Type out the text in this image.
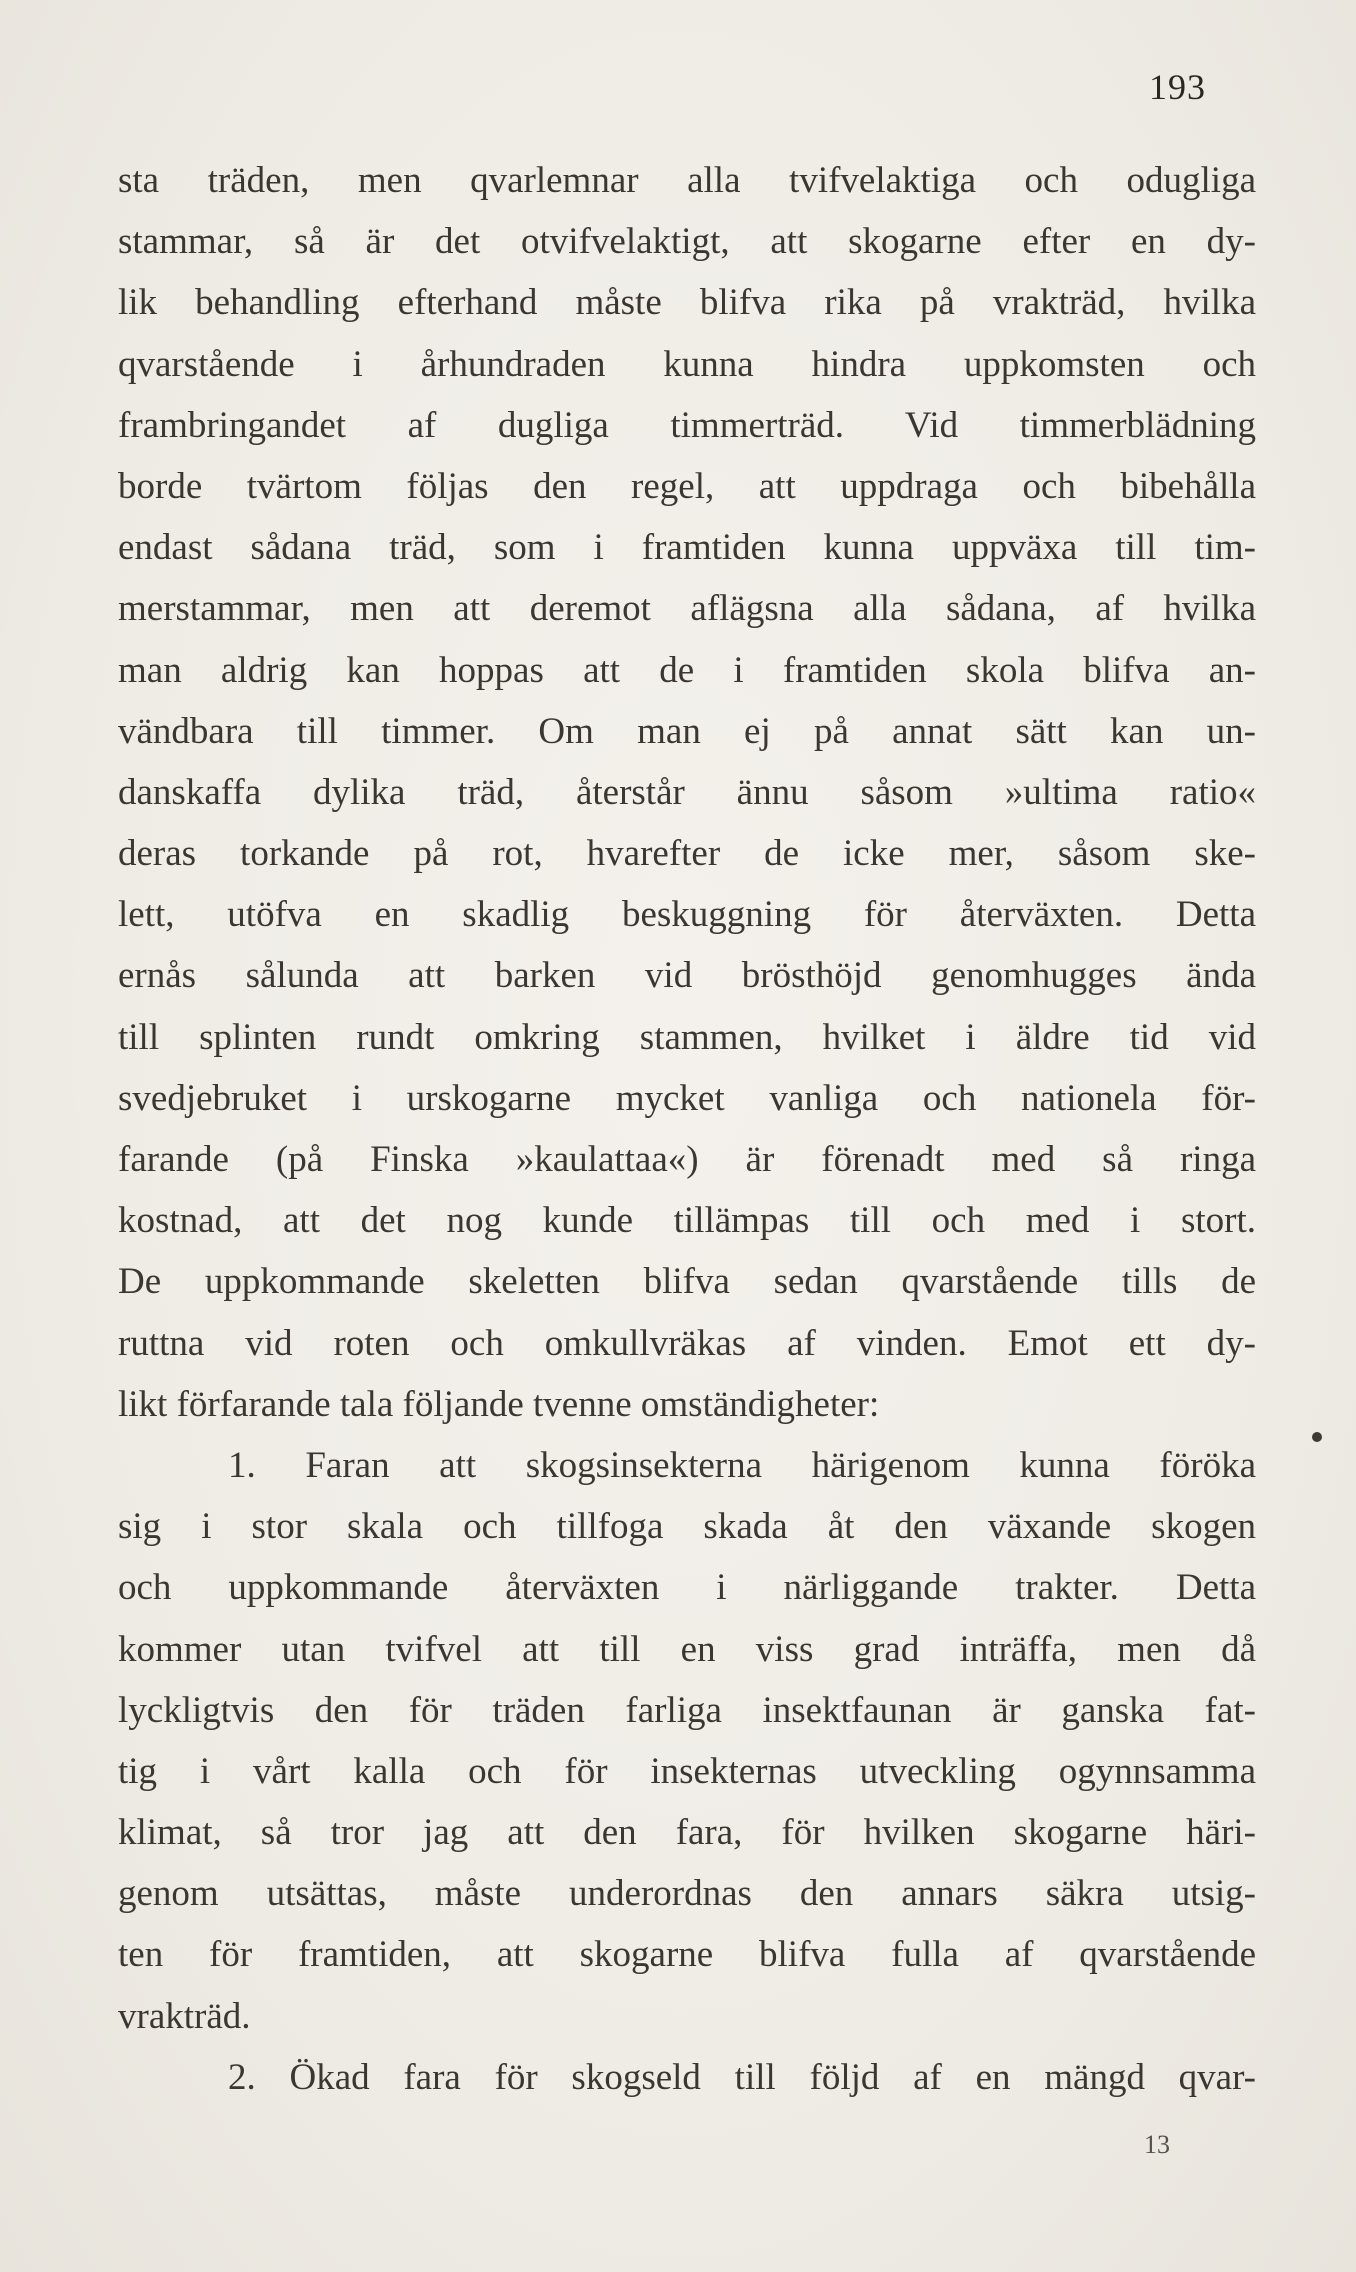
193
sta träden, men qvarlemnar alla tvifvelaktiga och odugliga
stammar, så är det otvifvelaktigt, att skogarne efter en dy-
lik behandling efterhand måste blifva rika på vrakträd, hvilka
qvarstående i århundraden kunna hindra uppkomsten och
frambringandet af dugliga timmerträd. Vid timmerblädning
borde tvärtom följas den regel, att uppdraga och bibehålla
endast sådana träd, som i framtiden kunna uppväxa till tim-
merstammar, men att deremot aflägsna alla sådana, af hvilka
man aldrig kan hoppas att de i framtiden skola blifva an-
vändbara till timmer. Om man ej på annat sätt kan un-
danskaffa dylika träd, återstår ännu såsom »ultima ratio«
deras torkande på rot, hvarefter de icke mer, såsom ske-
lett, utöfva en skadlig beskuggning för återväxten. Detta
ernås sålunda att barken vid brösthöjd genomhugges ända
till splinten rundt omkring stammen, hvilket i äldre tid vid
svedjebruket i urskogarne mycket vanliga och nationela för-
farande (på Finska »kaulattaa«) är förenadt med så ringa
kostnad, att det nog kunde tillämpas till och med i stort.
De uppkommande skeletten blifva sedan qvarstående tills de
ruttna vid roten och omkullvräkas af vinden. Emot ett dy-
likt förfarande tala följande tvenne omständigheter:
1. Faran att skogsinsekterna härigenom kunna föröka
sig i stor skala och tillfoga skada åt den växande skogen
och uppkommande återväxten i närliggande trakter. Detta
kommer utan tvifvel att till en viss grad inträffa, men då
lyckligtvis den för träden farliga insektfaunan är ganska fat-
tig i vårt kalla och för insekternas utveckling ogynnsamma
klimat, så tror jag att den fara, för hvilken skogarne häri-
genom utsättas, måste underordnas den annars säkra utsig-
ten för framtiden, att skogarne blifva fulla af qvarstående
vrakträd.
2. Ökad fara för skogseld till följd af en mängd qvar-
13
